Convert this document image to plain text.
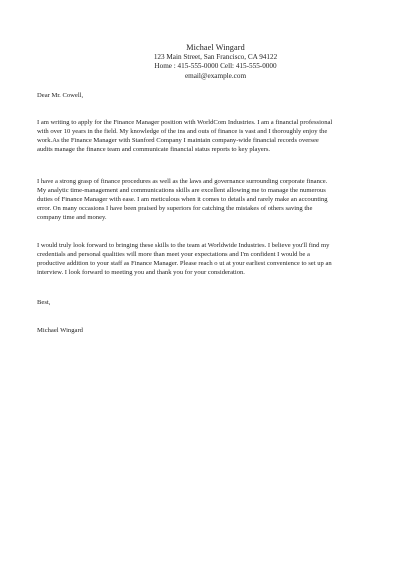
Michael Wingard
123 Main Street, San Francisco, CA 94122
Home : 415-555-0000 Cell: 415-555-0000
email@example.com
Dear Mr. Cowell,
I am writing to apply for the Finance Manager position with WorldCom Industries. I am a financial professional
with over 10 years in the field. My knowledge of the ins and outs of finance is vast and I thoroughly enjoy the
work.As the Finance Manager with Stanford Company I maintain company-wide financial records oversee
audits manage the finance team and communicate financial status reports to key players.
I have a strong grasp of finance procedures as well as the laws and governance surrounding corporate finance.
My analytic time-management and communications skills are excellent allowing me to manage the numerous
duties of Finance Manager with ease. I am meticulous when it comes to details and rarely make an accounting
error. On many occasions I have been praised by superiors for catching the mistakes of others saving the
company time and money.
I would truly look forward to bringing these skills to the team at Worldwide Industries. I believe you'll find my
credentials and personal qualities will more than meet your expectations and I'm confident I would be a
productive addition to your staff as Finance Manager. Please reach o ut at your earliest convenience to set up an
interview. I look forward to meeting you and thank you for your consideration.
Best,
Michael Wingard
